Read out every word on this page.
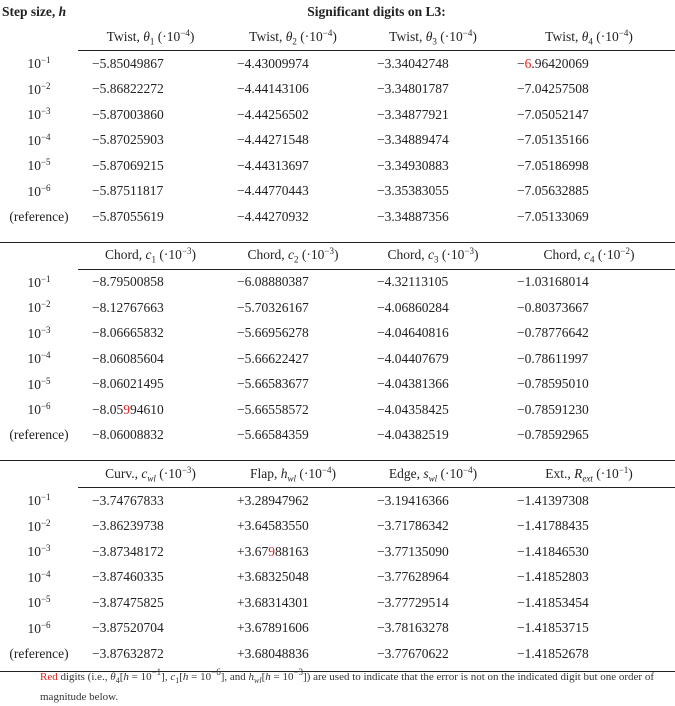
Step size, h	Significant digits on L3:			
	Twist, $\theta_1$ $(\cdot 10^{-4})$	Twist, $\theta_2$ $(\cdot 10^{-4})$	Twist, $\theta_3$ $(\cdot 10^{-4})$	Twist, $\theta_4$ $(\cdot 10^{-4})$
$10^{-1}$	−5.85049867	−4.43009974	−3.34042748	−6.96420069
$10^{-2}$	−5.86822272	−4.44143106	−3.34801787	−7.04257508
$10^{-3}$	−5.87003860	−4.44256502	−3.34877921	−7.05052147
$10^{-4}$	−5.87025903	−4.44271548	−3.34889474	−7.05135166
$10^{-5}$	−5.87069215	−4.44313697	−3.34930883	−7.05186998
$10^{-6}$	−5.87511817	−4.44770443	−3.35383055	−7.05632885
(reference)	−5.87055619	−4.44270932	−3.34887356	−7.05133069

	Chord, $c_1$ $(\cdot 10^{-3})$	Chord, $c_2$ $(\cdot 10^{-3})$	Chord, $c_3$ $(\cdot 10^{-3})$	Chord, $c_4$ $(\cdot 10^{-2})$
$10^{-1}$	−8.79500858	−6.08880387	−4.32113105	−1.03168014
$10^{-2}$	−8.12767663	−5.70326167	−4.06860284	−0.80373667
$10^{-3}$	−8.06665832	−5.66956278	−4.04640816	−0.78776642
$10^{-4}$	−8.06085604	−5.66622427	−4.04407679	−0.78611997
$10^{-5}$	−8.06021495	−5.66583677	−4.04381366	−0.78595010
$10^{-6}$	−8.05994610	−5.66558572	−4.04358425	−0.78591230
(reference)	−8.06008832	−5.66584359	−4.04382519	−0.78592965

	Curv., $c_{wl}$ $(\cdot 10^{-3})$	Flap, $h_{wl}$ $(\cdot 10^{-4})$	Edge, $s_{wl}$ $(\cdot 10^{-4})$	Ext., $R_{ext}$ $(\cdot 10^{-1})$
$10^{-1}$	−3.74767833	+3.28947962	−3.19416366	−1.41397308
$10^{-2}$	−3.86239738	+3.64583550	−3.71786342	−1.41788435
$10^{-3}$	−3.87348172	+3.67988163	−3.77135090	−1.41846530
$10^{-4}$	−3.87460335	+3.68325048	−3.77628964	−1.41852803
$10^{-5}$	−3.87475825	+3.68314301	−3.77729514	−1.41853454
$10^{-6}$	−3.87520704	+3.67891606	−3.78163278	−1.41853715
(reference)	−3.87632872	+3.68048836	−3.77670622	−1.41852678

Red digits (i.e., $\theta_4[h = 10^{-1}]$, $c_1[h = 10^{-6}]$, and $h_{wl}[h = 10^{-3}]$) are used to indicate that the error is not on the indicated digit but one order of magnitude below.
